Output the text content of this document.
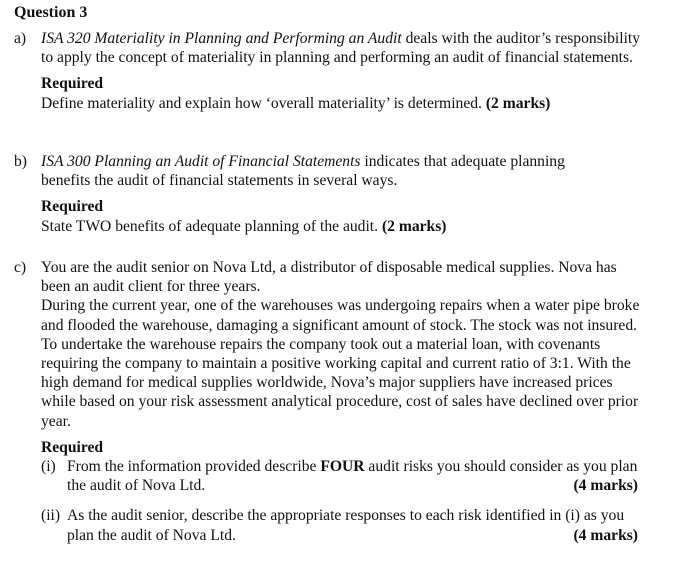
Question 3
a) ISA 320 Materiality in Planning and Performing an Audit deals with the auditor’s responsibility to apply the concept of materiality in planning and performing an audit of financial statements.

Required

Define materiality and explain how ‘overall materiality’ is determined. (2 marks)

b) ISA 300 Planning an Audit of Financial Statements indicates that adequate planning benefits the audit of financial statements in several ways.

Required

State TWO benefits of adequate planning of the audit. (2 marks)

c) You are the audit senior on Nova Ltd, a distributor of disposable medical supplies. Nova has been an audit client for three years.

During the current year, one of the warehouses was undergoing repairs when a water pipe broke and flooded the warehouse, damaging a significant amount of stock. The stock was not insured.

To undertake the warehouse repairs the company took out a material loan, with covenants requiring the company to maintain a positive working capital and current ratio of 3:1. With the high demand for medical supplies worldwide, Nova’s major suppliers have increased prices while based on your risk assessment analytical procedure, cost of sales have declined over prior year.

Required

(i) From the information provided describe FOUR audit risks you should consider as you plan the audit of Nova Ltd.	(4 marks)
(ii) As the audit senior, describe the appropriate responses to each risk identified in (i) as you plan the audit of Nova Ltd.	(4 marks)
